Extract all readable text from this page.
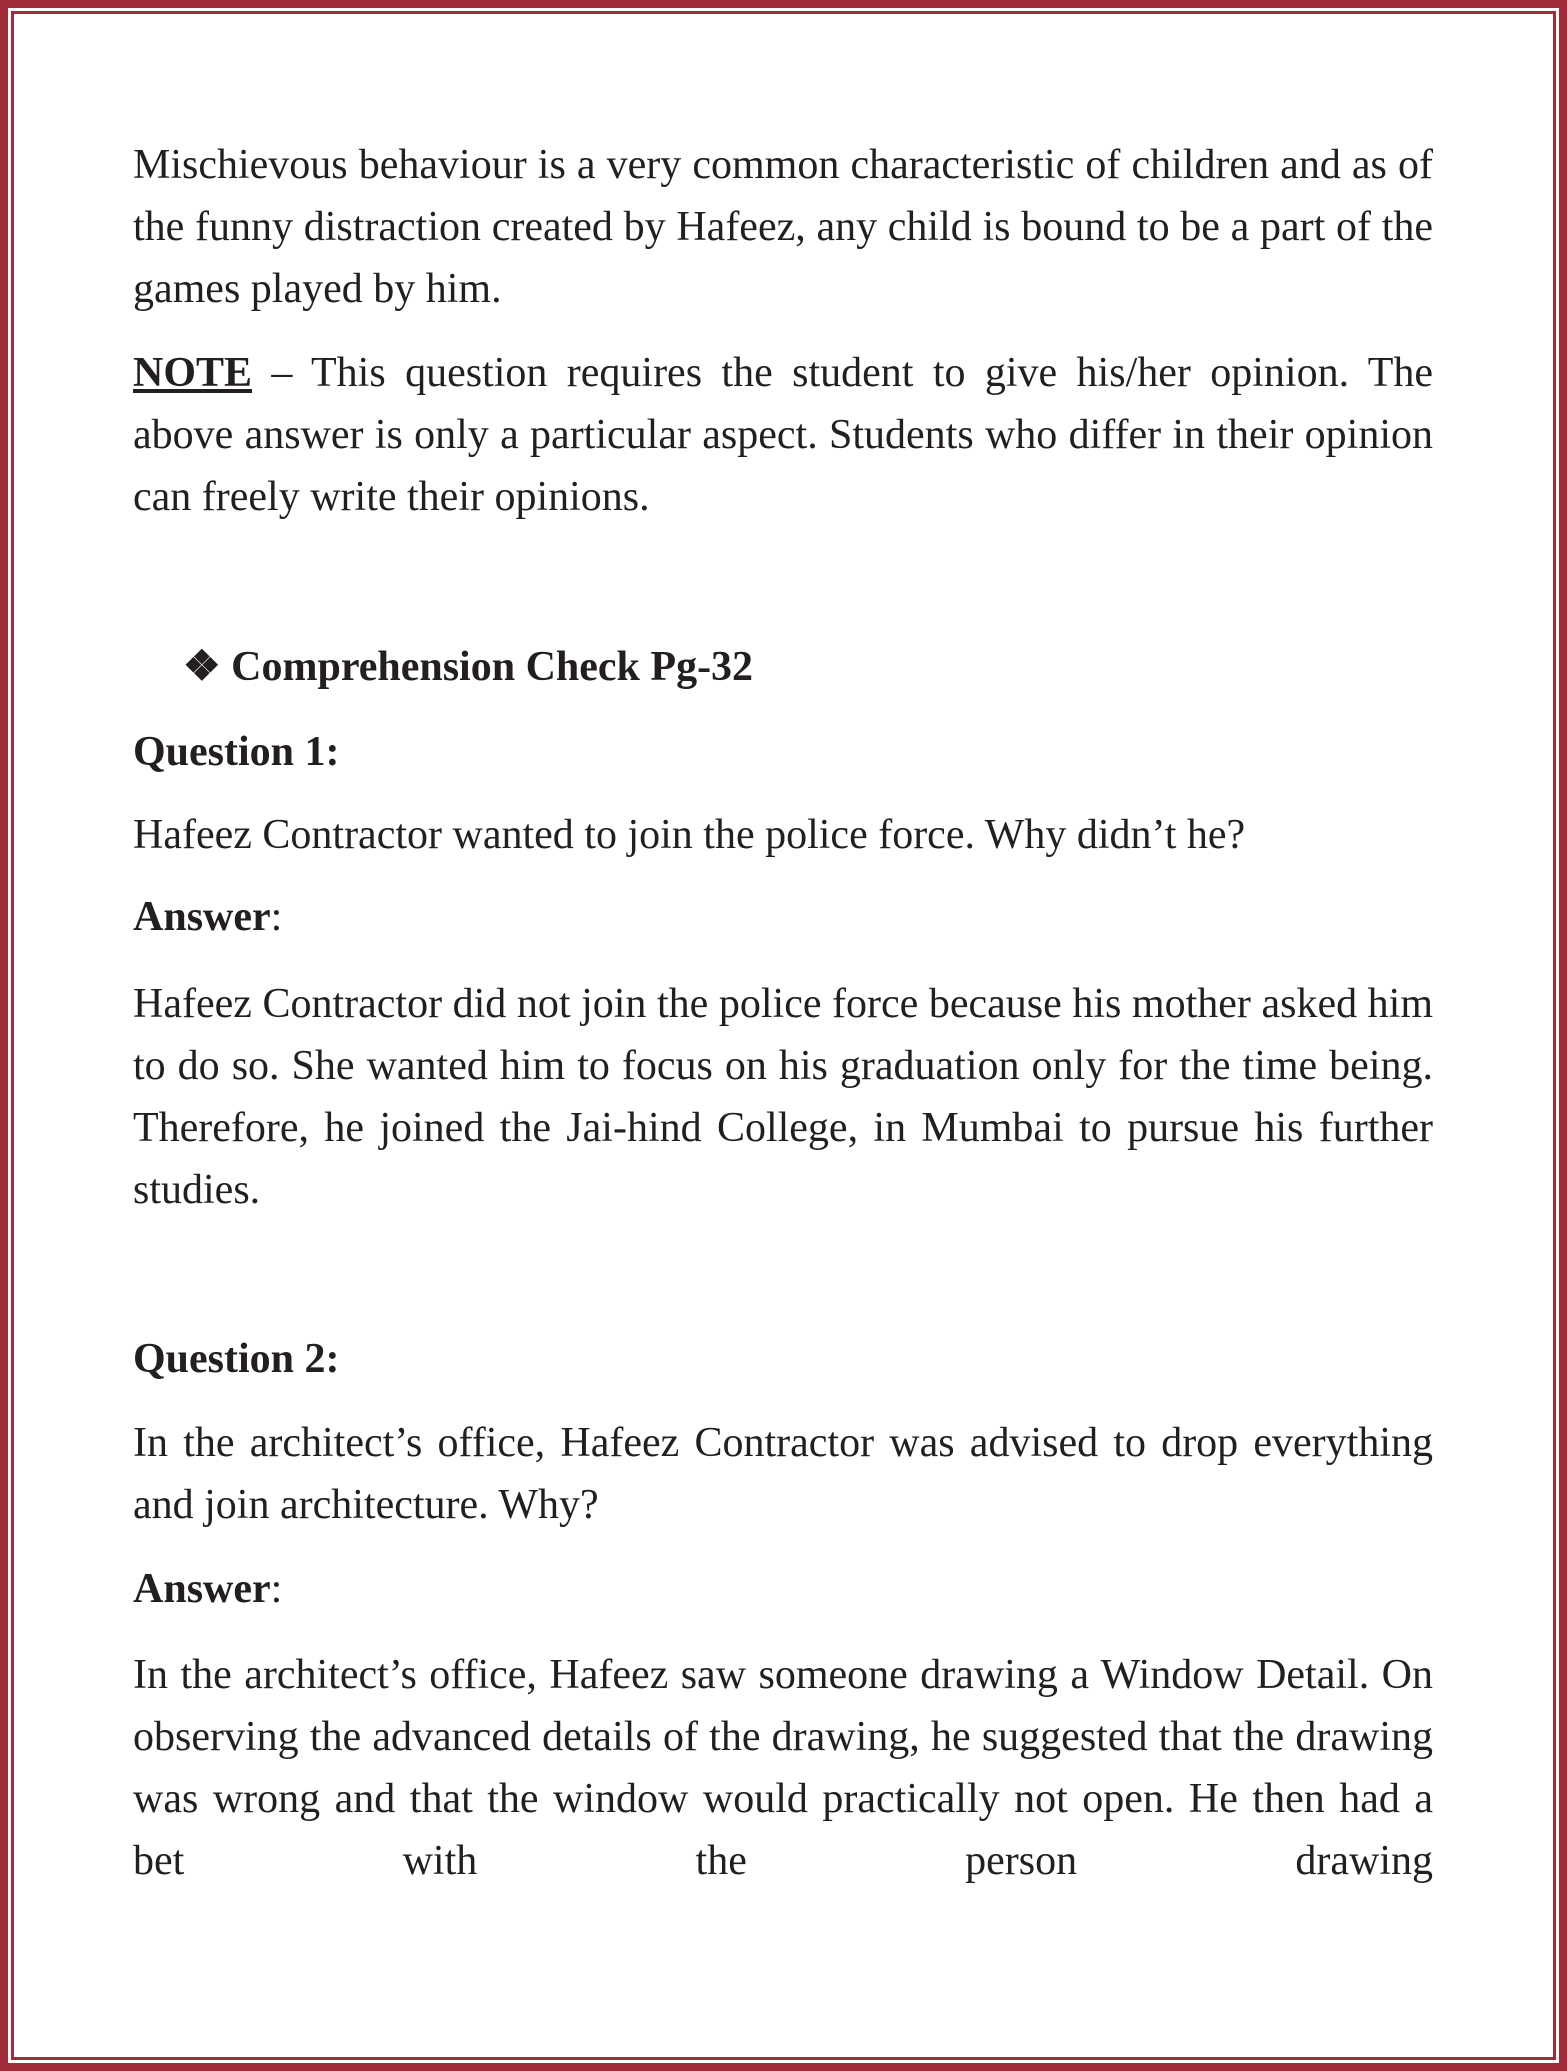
Mischievous behaviour is a very common characteristic of children and as of the funny distraction created by Hafeez, any child is bound to be a part of the games played by him.

NOTE – This question requires the student to give his/her opinion. The above answer is only a particular aspect. Students who differ in their opinion can freely write their opinions.

❖ Comprehension Check Pg-32
Question 1:

Hafeez Contractor wanted to join the police force. Why didn’t he?

Answer:

Hafeez Contractor did not join the police force because his mother asked him to do so. She wanted him to focus on his graduation only for the time being. Therefore, he joined the Jai-hind College, in Mumbai to pursue his further studies.

Question 2:

In the architect’s office, Hafeez Contractor was advised to drop everything and join architecture. Why?

Answer:

In the architect’s office, Hafeez saw someone drawing a Window Detail. On observing the advanced details of the drawing, he suggested that the drawing was wrong and that the window would practically not open. He then had a bet with the person drawing
